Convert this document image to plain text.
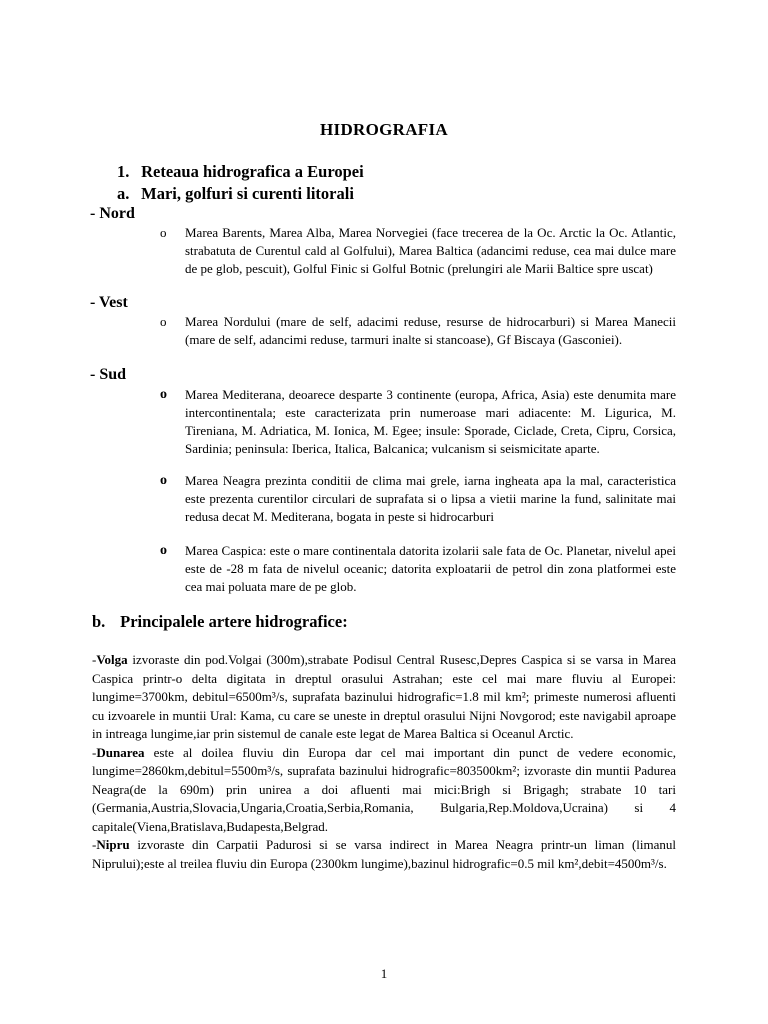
HIDROGRAFIA
1. Reteaua hidrografica a Europei
a. Mari, golfuri si curenti litorali
- Nord
o	Marea Barents, Marea Alba, Marea Norvegiei (face trecerea de la Oc. Arctic la Oc. Atlantic, strabatuta de Curentul cald al Golfului), Marea Baltica (adancimi reduse, cea mai dulce mare de pe glob, pescuit), Golful Finic si Golful Botnic (prelungiri ale Marii Baltice spre uscat)
- Vest
o	Marea Nordului (mare de self, adacimi reduse, resurse de hidrocarburi) si Marea Manecii (mare de self, adancimi reduse, tarmuri inalte si stancoase), Gf Biscaya (Gasconiei).
- Sud
o	Marea Mediterana, deoarece desparte 3 continente (europa, Africa, Asia) este denumita mare intercontinentala; este caracterizata prin numeroase mari adiacente: M. Ligurica, M. Tireniana, M. Adriatica, M. Ionica, M. Egee; insule: Sporade, Ciclade, Creta, Cipru, Corsica, Sardinia; peninsula: Iberica, Italica, Balcanica; vulcanism si seismicitate aparte.
o	Marea Neagra prezinta conditii de clima mai grele, iarna ingheata apa la mal, caracteristica este prezenta curentilor circulari de suprafata si o lipsa a vietii marine la fund, salinitate mai redusa decat M. Mediterana, bogata in peste si hidrocarburi
o	Marea Caspica: este o mare continentala datorita izolarii sale fata de Oc. Planetar, nivelul apei este de -28 m fata de nivelul oceanic; datorita exploatarii de petrol din zona platformei este cea mai poluata mare de pe glob.
b. Principalele artere hidrografice:

-Volga izvoraste din pod.Volgai (300m),strabate Podisul Central Rusesc,Depres Caspica si se varsa in Marea Caspica printr-o delta digitata in dreptul orasului Astrahan; este cel mai mare fluviu al Europei: lungime=3700km, debitul=6500m³/s, suprafata bazinului hidrografic=1.8 mil km²; primeste numerosi afluenti cu izvoarele in muntii Ural: Kama, cu care se uneste in dreptul orasului Nijni Novgorod; este navigabil aproape in intreaga lungime,iar prin sistemul de canale este legat de Marea Baltica si Oceanul Arctic.

-Dunarea este al doilea fluviu din Europa dar cel mai important din punct de vedere economic, lungime=2860km,debitul=5500m³/s, suprafata bazinului hidrografic=803500km²; izvoraste din muntii Padurea Neagra(de la 690m) prin unirea a doi afluenti mai mici:Brigh si Brigagh; strabate 10 tari (Germania,Austria,Slovacia,Ungaria,Croatia,Serbia,Romania, Bulgaria,Rep.Moldova,Ucraina) si 4 capitale(Viena,Bratislava,Budapesta,Belgrad.

-Nipru izvoraste din Carpatii Padurosi si se varsa indirect in Marea Neagra printr-un liman (limanul Niprului);este al treilea fluviu din Europa (2300km lungime),bazinul hidrografic=0.5 mil km²,debit=4500m³/s.

1
